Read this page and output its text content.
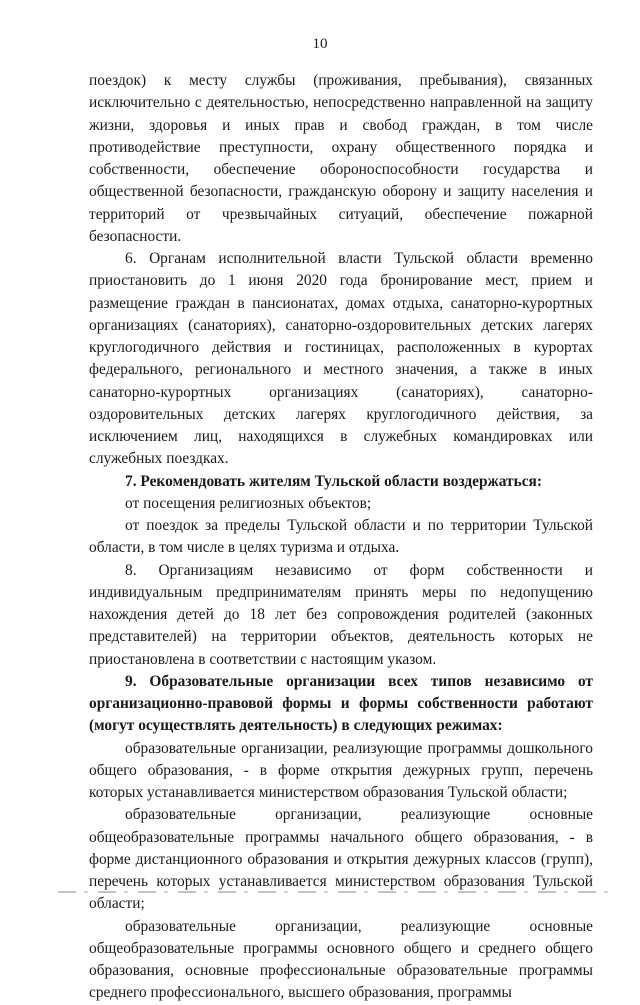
10

поездок) к месту службы (проживания, пребывания), связанных исключительно с деятельностью, непосредственно направленной на защиту жизни, здоровья и иных прав и свобод граждан, в том числе противодействие преступности, охрану общественного порядка и собственности, обеспечение обороноспособности государства и общественной безопасности, гражданскую оборону и защиту населения и территорий от чрезвычайных ситуаций, обеспечение пожарной безопасности.

6. Органам исполнительной власти Тульской области временно приостановить до 1 июня 2020 года бронирование мест, прием и размещение граждан в пансионатах, домах отдыха, санаторно-курортных организациях (санаториях), санаторно-оздоровительных детских лагерях круглогодичного действия и гостиницах, расположенных в курортах федерального, регионального и местного значения, а также в иных санаторно-курортных организациях (санаториях), санаторно-оздоровительных детских лагерях круглогодичного действия, за исключением лиц, находящихся в служебных командировках или служебных поездках.

7. Рекомендовать жителям Тульской области воздержаться:

от посещения религиозных объектов;

от поездок за пределы Тульской области и по территории Тульской области, в том числе в целях туризма и отдыха.

8. Организациям независимо от форм собственности и индивидуальным предпринимателям принять меры по недопущению нахождения детей до 18 лет без сопровождения родителей (законных представителей) на территории объектов, деятельность которых не приостановлена в соответствии с настоящим указом.

9. Образовательные организации всех типов независимо от организационно-правовой формы и формы собственности работают (могут осуществлять деятельность) в следующих режимах:

образовательные организации, реализующие программы дошкольного общего образования, - в форме открытия дежурных групп, перечень которых устанавливается министерством образования Тульской области;

образовательные организации, реализующие основные общеобразовательные программы начального общего образования, - в форме дистанционного образования и открытия дежурных классов (групп), перечень которых устанавливается министерством образования Тульской области;

образовательные организации, реализующие основные общеобразовательные программы основного общего и среднего общего образования, основные профессиональные образовательные программы среднего профессионального, высшего образования, программы
